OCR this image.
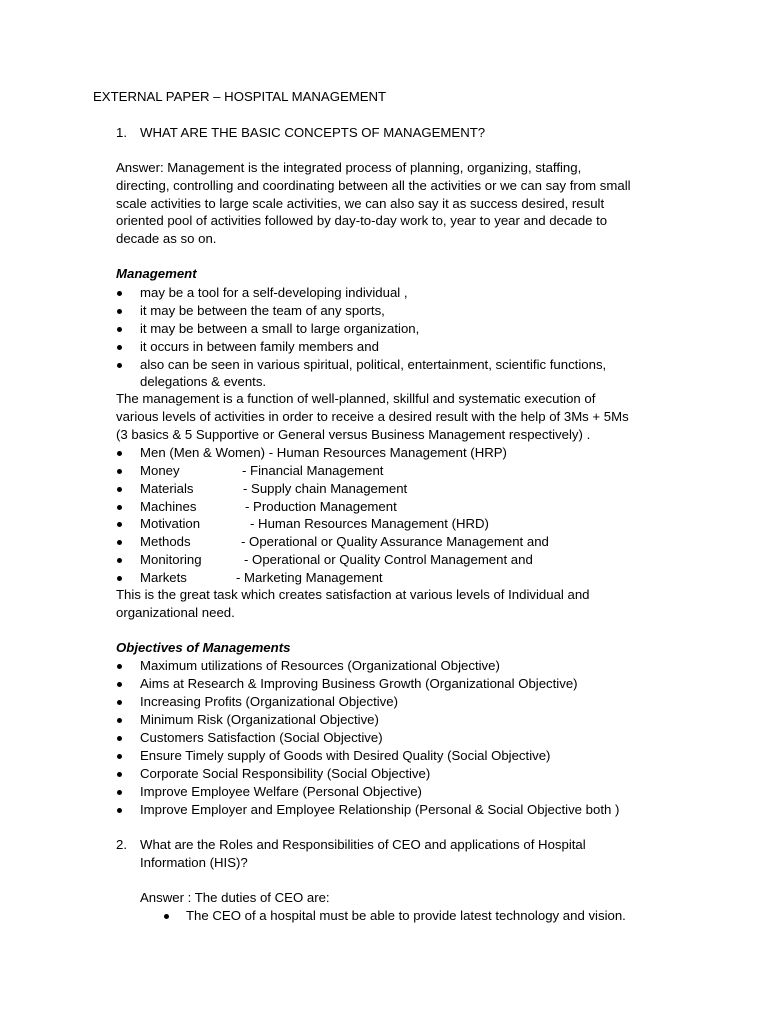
EXTERNAL PAPER – HOSPITAL MANAGEMENT
1. WHAT ARE THE BASIC CONCEPTS OF MANAGEMENT?
Answer: Management is the integrated process of planning, organizing, staffing,
directing, controlling and coordinating between all the activities or we can say from small
scale activities to large scale activities, we can also say it as success desired, result
oriented pool of activities followed by day-to-day work to, year to year and decade to
decade as so on.
Management
may be a tool for a self-developing individual ,
it may be between the team of any sports,
it may be between a small to large organization,
it occurs in between family members and
also can be seen in various spiritual, political, entertainment, scientific functions,
delegations & events.
The management is a function of well-planned, skillful and systematic execution of
various levels of activities in order to receive a desired result with the help of 3Ms + 5Ms
(3 basics & 5 Supportive or General versus Business Management respectively) .
Men (Men & Women) - Human Resources Management (HRP)
Money	- Financial Management
Materials	- Supply chain Management
Machines	- Production Management
Motivation	- Human Resources Management (HRD)
Methods	- Operational or Quality Assurance Management and
Monitoring	- Operational or Quality Control Management and
Markets	- Marketing Management
This is the great task which creates satisfaction at various levels of Individual and
organizational need.
Objectives of Managements
Maximum utilizations of Resources (Organizational Objective)
Aims at Research & Improving Business Growth (Organizational Objective)
Increasing Profits (Organizational Objective)
Minimum Risk (Organizational Objective)
Customers Satisfaction (Social Objective)
Ensure Timely supply of Goods with Desired Quality (Social Objective)
Corporate Social Responsibility (Social Objective)
Improve Employee Welfare (Personal Objective)
Improve Employer and Employee Relationship (Personal & Social Objective both )
2. What are the Roles and Responsibilities of CEO and applications of Hospital
Information (HIS)?
Answer : The duties of CEO are:
The CEO of a hospital must be able to provide latest technology and vision.
